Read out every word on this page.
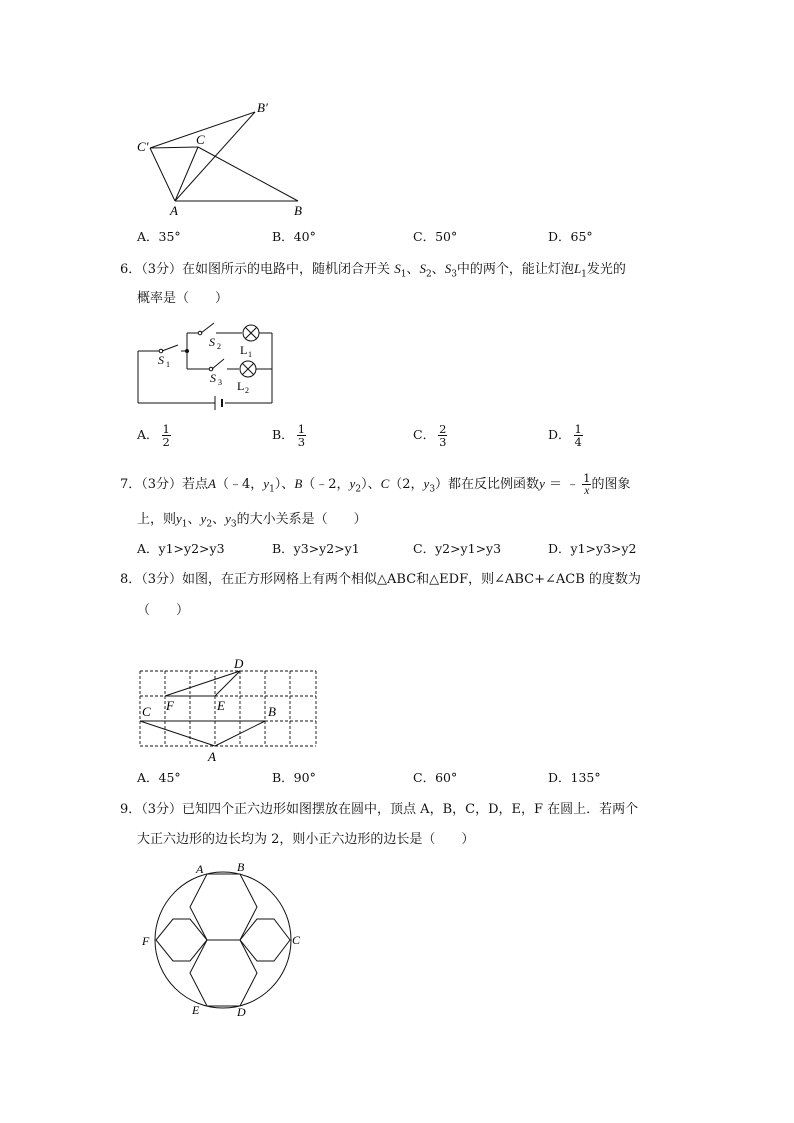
C′	C
B′
A	B
A．35°	B．40°	C．50°	D．65°
6．（3分）在如图所示的电路中，随机闭合开关 $S_1$、$S_2$、$S_3$中的两个，能让灯泡$L_1$发光的
概率是（　　）
S 1
S 2
S 3
L 1
L 2
A． $\frac{1}{2}$	B． $\frac{1}{3}$	C． $\frac{2}{3}$	D． $\frac{1}{4}$
7．（3分）若点A（﹣4，$y_1$）、B（﹣2，$y_2$）、C（2，$y_3$）都在反比例函数y ＝ ﹣ $\frac{1}{x}$ 的图象
上，则$y_1$、$y_2$、$y_3$的大小关系是（　　）
A．y1>y2>y3	B．y3>y2>y1	C．y2>y1>y3	D．y1>y3>y2
8．（3分）如图，在正方形网格上有两个相似△ABC和△EDF，则∠ABC+∠ACB 的度数为
（　　）
D
F	E
C	B
A
A．45°	B．90°	C．60°	D．135°
9．（3分）已知四个正六边形如图摆放在圆中，顶点 A，B，C，D，E，F 在圆上．若两个
大正六边形的边长均为 2，则小正六边形的边长是（　　）
A	B
C
D
E
F
